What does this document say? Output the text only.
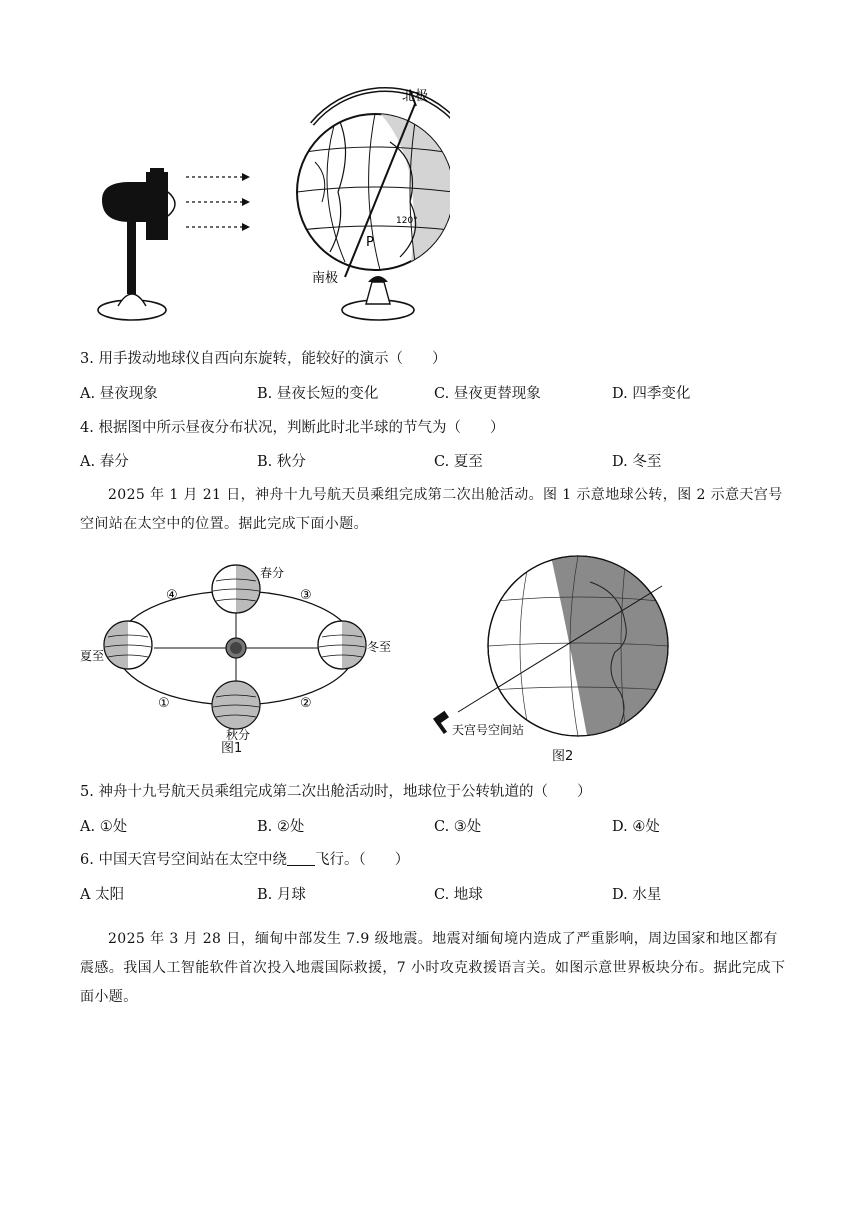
北极
南极
P
120°
3. 用手拨动地球仪自西向东旋转，能较好的演示（　　）
A. 昼夜现象	B. 昼夜长短的变化	C. 昼夜更替现象	D. 四季变化
4. 根据图中所示昼夜分布状况，判断此时北半球的节气为（　　）
A. 春分	B. 秋分	C. 夏至	D. 冬至
2025 年 1 月 21 日，神舟十九号航天员乘组完成第二次出舱活动。图 1 示意地球公转，图 2 示意天宫号空间站在太空中的位置。据此完成下面小题。
春分
夏至
秋分
冬至
①	②
③
④
图1
天宫号空间站
图2
5. 神舟十九号航天员乘组完成第二次出舱活动时，地球位于公转轨道的（　　）
A. ①处	B. ②处	C. ③处	D. ④处
6. 中国天宫号空间站在太空中绕 飞行。（　　）
A 太阳	B. 月球	C. 地球	D. 水星
2025 年 3 月 28 日，缅甸中部发生 7.9 级地震。地震对缅甸境内造成了严重影响，周边国家和地区都有震感。我国人工智能软件首次投入地震国际救援，7 小时攻克救援语言关。如图示意世界板块分布。据此完成下面小题。
